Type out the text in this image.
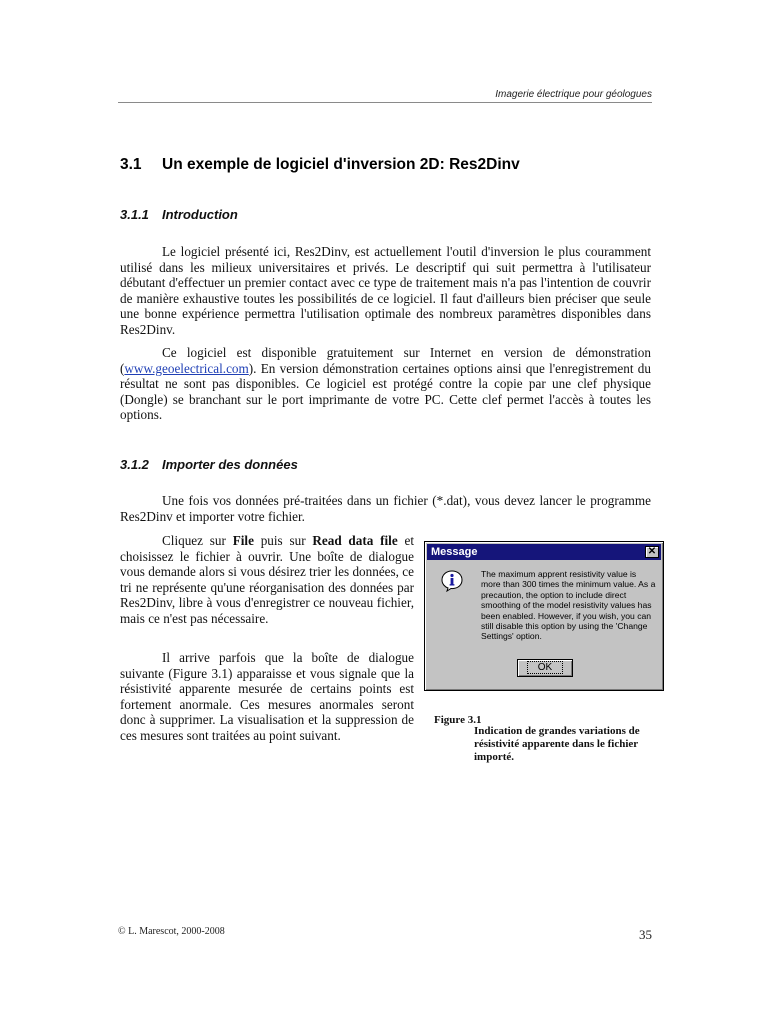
Imagerie électrique pour géologues
3.1 Un exemple de logiciel d'inversion 2D: Res2Dinv
3.1.1 Introduction

Le logiciel présenté ici, Res2Dinv, est actuellement l'outil d'inversion le plus couramment utilisé dans les milieux universitaires et privés. Le descriptif qui suit permettra à l'utilisateur débutant d'effectuer un premier contact avec ce type de traitement mais n'a pas l'intention de couvrir de manière exhaustive toutes les possibilités de ce logiciel. Il faut d'ailleurs bien préciser que seule une bonne expérience permettra l'utilisation optimale des nombreux paramètres disponibles dans Res2Dinv.

Ce logiciel est disponible gratuitement sur Internet en version de démonstration (www.geoelectrical.com). En version démonstration certaines options ainsi que l'enregistrement du résultat ne sont pas disponibles. Ce logiciel est protégé contre la copie par une clef physique (Dongle) se branchant sur le port imprimante de votre PC. Cette clef permet l'accès à toutes les options.

3.1.2 Importer des données

Une fois vos données pré-traitées dans un fichier (*.dat), vous devez lancer le programme Res2Dinv et importer votre fichier.

Cliquez sur File puis sur Read data file et choisissez le fichier à ouvrir. Une boîte de dialogue vous demande alors si vous désirez trier les données, ce tri ne représente qu'une réorganisation des données par Res2Dinv, libre à vous d'enregistrer ce nouveau fichier, mais ce n'est pas nécessaire.

Il arrive parfois que la boîte de dialogue suivante (Figure 3.1) apparaisse et vous signale que la résistivité apparente mesurée de certains points est fortement anormale. Ces mesures anormales seront donc à supprimer. La visualisation et la suppression de ces mesures sont traitées au point suivant.

Message	✕
The maximum apprent resistivity value is more than 300 times the minimum value. As a precaution, the option to include direct smoothing of the model resistivity values has been enabled. However, if you wish, you can still disable this option by using the 'Change Settings' option.
OK
Figure 3.1
Indication de grandes variations de résistivité apparente dans le fichier importé.
© L. Marescot, 2000-2008	35
